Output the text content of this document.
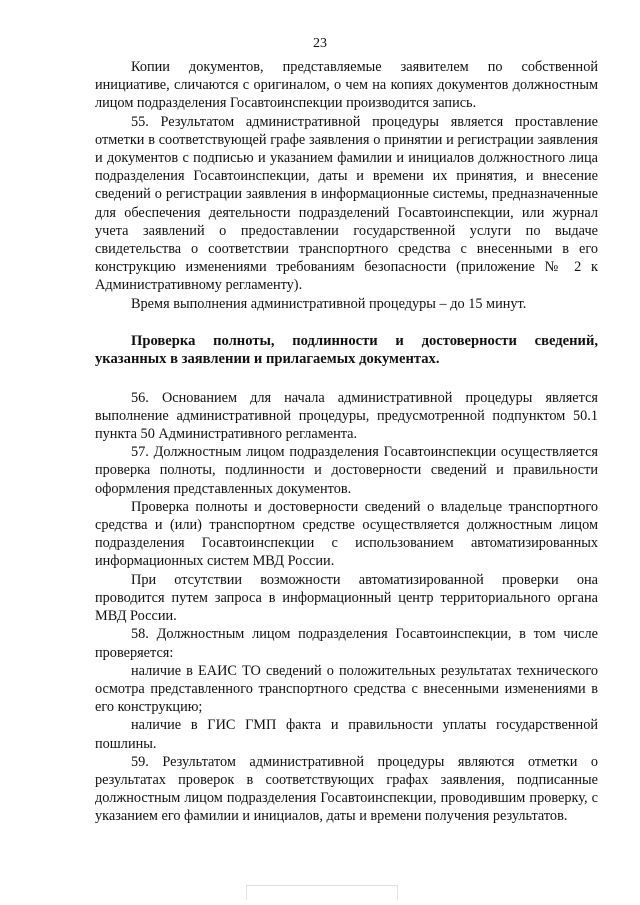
23

Копии документов, представляемые заявителем по собственной инициативе, сличаются с оригиналом, о чем на копиях документов должностным лицом подразделения Госавтоинспекции производится запись.

55. Результатом административной процедуры является проставление отметки в соответствующей графе заявления о принятии и регистрации заявления и документов с подписью и указанием фамилии и инициалов должностного лица подразделения Госавтоинспекции, даты и времени их принятия, и внесение сведений о регистрации заявления в информационные системы, предназначенные для обеспечения деятельности подразделений Госавтоинспекции, или журнал учета заявлений о предоставлении государственной услуги по выдаче свидетельства о соответствии транспортного средства с внесенными в его конструкцию изменениями требованиям безопасности (приложение № 2 к Административному регламенту).

Время выполнения административной процедуры – до 15 минут.

Проверка полноты, подлинности и достоверности сведений, указанных в заявлении и прилагаемых документах.

56. Основанием для начала административной процедуры является выполнение административной процедуры, предусмотренной подпунктом 50.1 пункта 50 Административного регламента.

57. Должностным лицом подразделения Госавтоинспекции осуществляется проверка полноты, подлинности и достоверности сведений и правильности оформления представленных документов.

Проверка полноты и достоверности сведений о владельце транспортного средства и (или) транспортном средстве осуществляется должностным лицом подразделения Госавтоинспекции с использованием автоматизированных информационных систем МВД России.

При отсутствии возможности автоматизированной проверки она проводится путем запроса в информационный центр территориального органа МВД России.

58. Должностным лицом подразделения Госавтоинспекции, в том числе проверяется:

наличие в ЕАИС ТО сведений о положительных результатах технического осмотра представленного транспортного средства с внесенными изменениями в его конструкцию;

наличие в ГИС ГМП факта и правильности уплаты государственной пошлины.

59. Результатом административной процедуры являются отметки о результатах проверок в соответствующих графах заявления, подписанные должностным лицом подразделения Госавтоинспекции, проводившим проверку, с указанием его фамилии и инициалов, даты и времени получения результатов.
